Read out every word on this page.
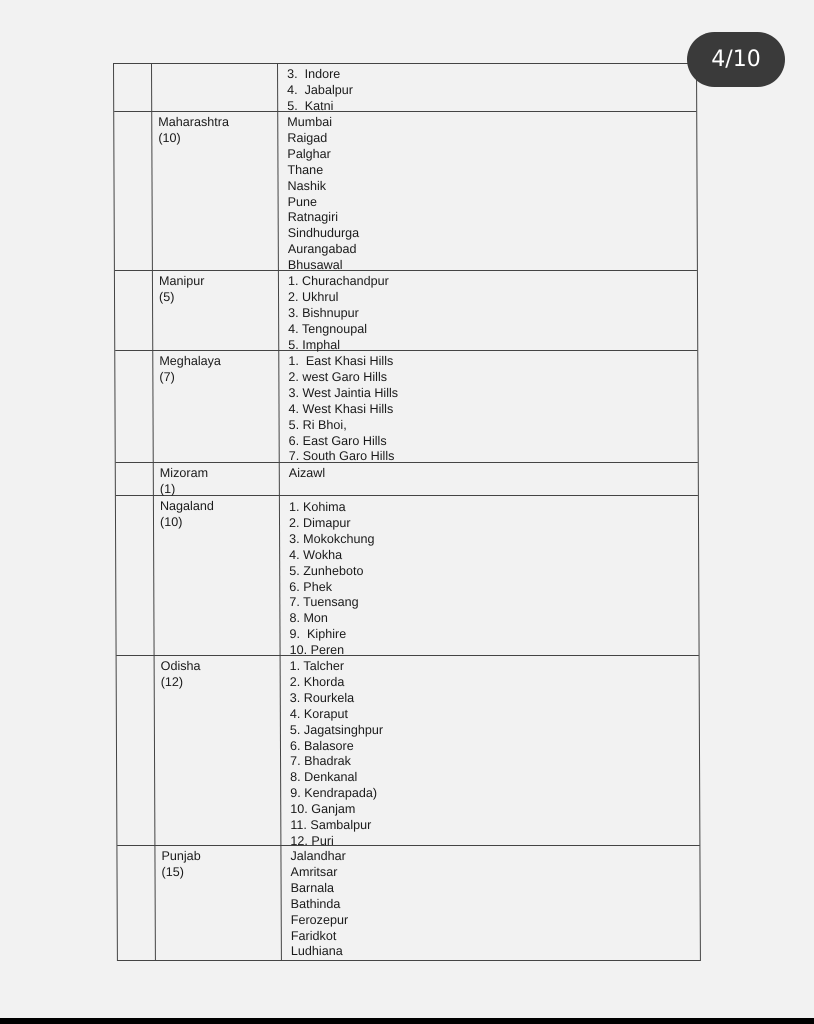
4/10
3.  Indore
4.  Jabalpur
5.  Katni
Maharashtra
(10)
Mumbai
Raigad
Palghar
Thane
Nashik
Pune
Ratnagiri
Sindhudurga
Aurangabad
Bhusawal
Manipur
(5)
1. Churachandpur
2. Ukhrul
3. Bishnupur
4. Tengnoupal
5. Imphal
Meghalaya
(7)
1.  East Khasi Hills
2. west Garo Hills
3. West Jaintia Hills
4. West Khasi Hills
5. Ri Bhoi,
6. East Garo Hills
7. South Garo Hills
Mizoram
(1)
Aizawl
Nagaland
(10)
1. Kohima
2. Dimapur
3. Mokokchung
4. Wokha
5. Zunheboto
6. Phek
7. Tuensang
8. Mon
9.  Kiphire
10. Peren
Odisha
(12)
1. Talcher
2. Khorda
3. Rourkela
4. Koraput
5. Jagatsinghpur
6. Balasore
7. Bhadrak
8. Denkanal
9. Kendrapada)
10. Ganjam
11. Sambalpur
12. Puri
Punjab
(15)
Jalandhar
Amritsar
Barnala
Bathinda
Ferozepur
Faridkot
Ludhiana
